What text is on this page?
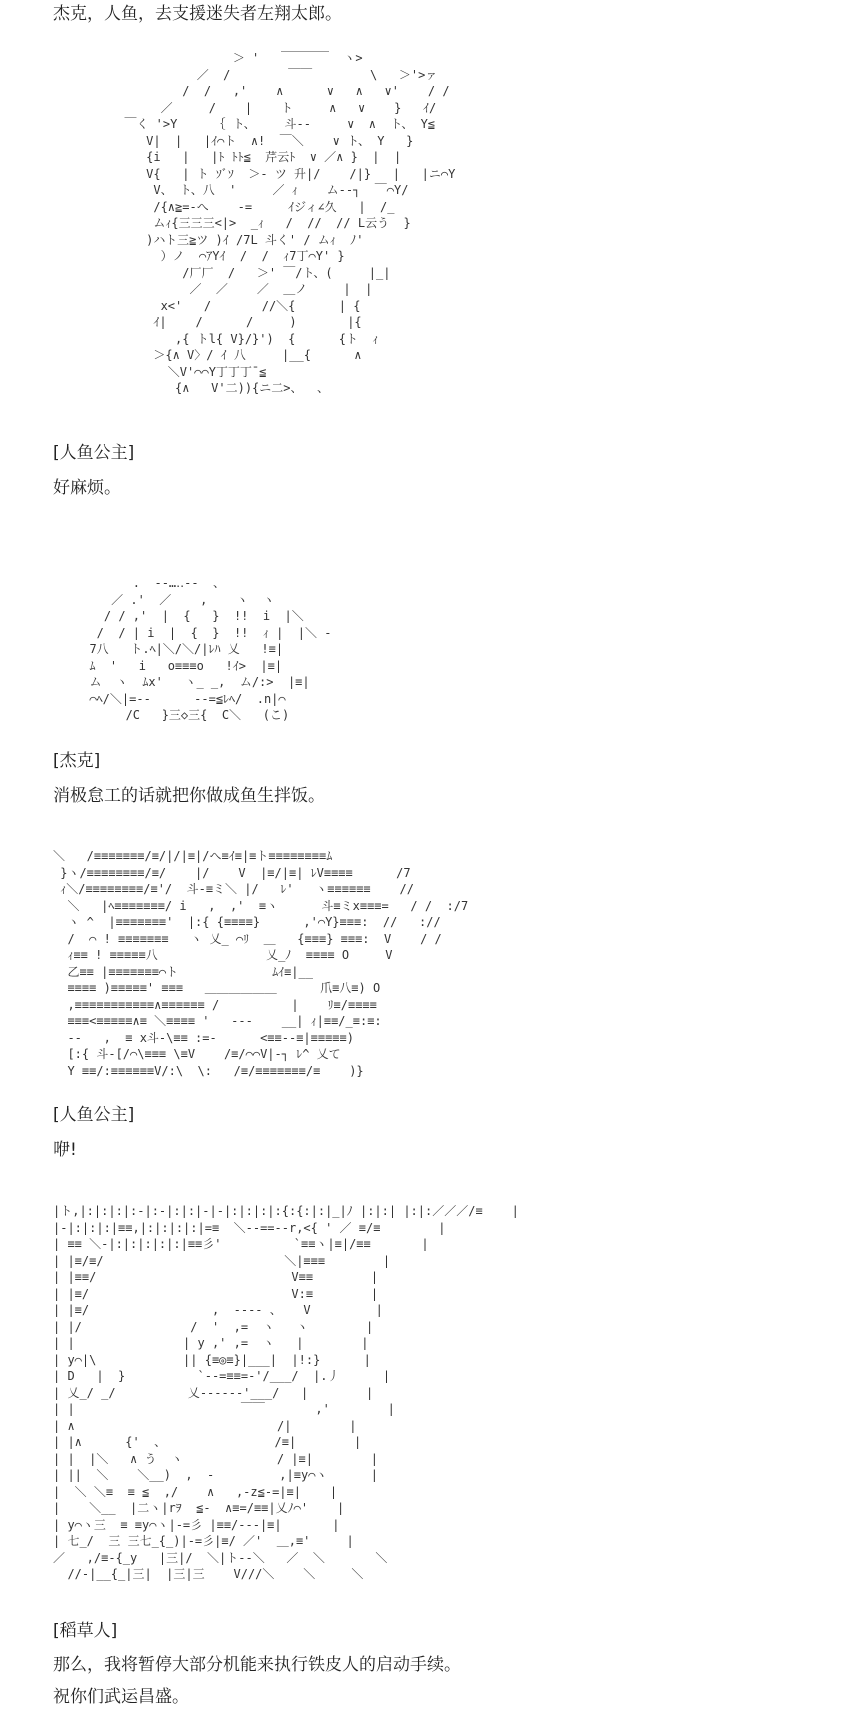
杰克，人鱼，去支援迷失者左翔太郎。
＞ '   ￣￣￣￣  ヽ>
／  /        ￣￣        \   ＞'>ァ
/  /   ,'    ∧      ∨   ∧   ∨'    / /
／     /    |    ト     ∧   ∨    }   ｲ/
￣く '>Y     ｛ ト、    斗--     ∨  ∧  ト、 Y≦
V|  |   |ｲ⌒ト  ∧!  ￣＼    ∨ ト、 Y   }
{i   |   |ﾄ ﾄﾄ≦  芹云ﾄ  ∨ ／∧ }  |  |
V{   | ト ｿﾞｿ  ＞- ツ 升|/    /|}   |   |ニ⌒Y
V、 ト、八  '     ／ ｨ    ム--┐  ￣⌒Y/
/{∧≧=-へ    -=     ｲジィ∠久   |  /_
ムｨ{三三三<|>  _ｨ   /  //  // L云う  }
)ハト三≧ツ )ｲ /7L 斗く' / ムｨ  ﾉ'
）ノ  ⌒ｱYｲ  /  /  ｨ7丁⌒Y' }
/厂厂  /   ＞' ￣/ト、(     |_|
／  ／    ／  ＿ノ     |  |
x<'   /       //＼{      | {
ｲ|    /      /     )       |{
,{ トl{ V}/}')  {      {ト  ｨ
＞{∧ V〉/ ｲ 八     |__{      ∧
＼V'⌒⌒Y丁丁丁¯≦
{∧   V'二)){ニ二>、  、
[人鱼公主]
好麻烦。
.  -‐…‥‐-  、
／ .'  ／    ,    ヽ  ヽ
/ / ,'  |  {   }  !!  i  |＼
/  / | i  |  {  }  !!  ｨ |  |＼ -
7八   ト.ﾍ|＼/＼/|ﾚﾊ 乂   !≡|
ﾑ  '   i   o≡≡≡o   !ｲ>  |≡|
ム  ヽ  ﾑx'   ヽ_ _,  ム/:>  |≡|
⌒ﾍ/＼|=--      --=≦ﾚﾍ/  .n|⌒
/C   }三◇三{  C＼   (こ)
[杰克]
消极怠工的话就把你做成鱼生拌饭。
＼   /≡≡≡≡≡≡≡/≡/|/|≡|/へ≡ｲ≡|≡ト≡≡≡≡≡≡≡≡ﾑ
}ヽ/≡≡≡≡≡≡≡≡/≡/    |/    V  |≡/|≡| ﾚV≡≡≡≡      /7
ｨ＼/≡≡≡≡≡≡≡≡/≡'/  斗-≡ミ＼ |/   ﾚ'   ヽ≡≡≡≡≡≡    //
＼   |ﾍ≡≡≡≡≡≡≡/ i   ,  ,'  ≡ヽ      斗≡ミx≡≡≡=   / /  :/7
ヽ ^  |≡≡≡≡≡≡≡'  |:{ {≡≡≡≡}      ,'⌒Y}≡≡≡:  //   ://
/  ⌒ ! ≡≡≡≡≡≡≡   ヽ 乂_ ⌒ﾘ  ＿   {≡≡≡} ≡≡≡:  V    / /
ｨ≡≡ ! ≡≡≡≡≡八               乂_ﾉ  ≡≡≡≡ O     V
乙≡≡ |≡≡≡≡≡≡≡⌒ト             ﾑｲ≡|__
≡≡≡≡ )≡≡≡≡≡' ≡≡≡   ＿＿＿＿＿＿      爪≡八≡) O
,≡≡≡≡≡≡≡≡≡≡≡∧≡≡≡≡≡≡ /          |    ﾘ≡/≡≡≡≡
≡≡≡<≡≡≡≡≡∧≡ ＼≡≡≡≡ '   ---    __| ｨ|≡≡/_≡:≡:
--   ,  ≡ x斗-\≡≡ :=-      <≡≡--≡|≡≡≡≡≡)
[:{ 斗-[/⌒\≡≡≡ \≡V    /≡/⌒⌒V|-┐ ﾚ^ 乂て
Y ≡≡/:≡≡≡≡≡≡V/:\  \:   /≡/≡≡≡≡≡≡≡/≡    )}
[人鱼公主]
咿!
|ト,|:|:|:|:-|:-|:|:|-|-|:|:|:|:{:{:|:|_|ﾉ |:|:| |:|:／／／/≡    |
|-|:|:|:|≡≡,|:|:|:|:|=≡  ＼--==‐-r,<{ ' ／ ≡/≡        |
| ≡≡ ＼-|:|:|:|:|:|≡≡彡'          `≡≡ヽ|≡|/≡≡       |
| |≡/≡/                         ＼|≡≡≡        |
| |≡≡/                           V≡≡        |
| |≡/                            V:≡        |
| |≡/                 ,  ---- 、   V         |
| |/               /  '  ,=  ヽ   ヽ        |
| |               | y ,' ,=  ヽ   |        |
| y⌒|\            || {≡◎≡}|___|  |!:}      |
| D   |  }          `--=≡≡=-'/___/  |.丿      |
| 乂_/ _/          乂------'___/   |        |
| |                       ￣￣       ,'        |
| ∧                            /|        |
| |∧      {'  、               /≡|        |
| |  |＼   ∧ う  ヽ             / |≡|        |
| ||  ＼    ＼__)  ,  -         ,|≡y⌒ヽ      |
|  ＼ ＼≡  ≡ ≦  ,/    ∧   ,-z≦-=|≡|    |
|    ＼__  |二ヽ|rｦ  ≦-  ∧≡=/≡≡|乂ﾉ⌒'    |
| y⌒ヽ三  ≡ ≡y⌒ヽ|-=彡 |≡≡/---|≡|       |
| 七_/  三 三七_{_)|-=彡|≡/ ／'  ＿,≡'     |
／   ,/≡-{_y   |三|/  ＼|ト--＼   ／  ＼       ＼
//-|__{_|三|  |三|三    V///＼    ＼     ＼
[稻草人]
那么，我将暂停大部分机能来执行铁皮人的启动手续。
祝你们武运昌盛。
